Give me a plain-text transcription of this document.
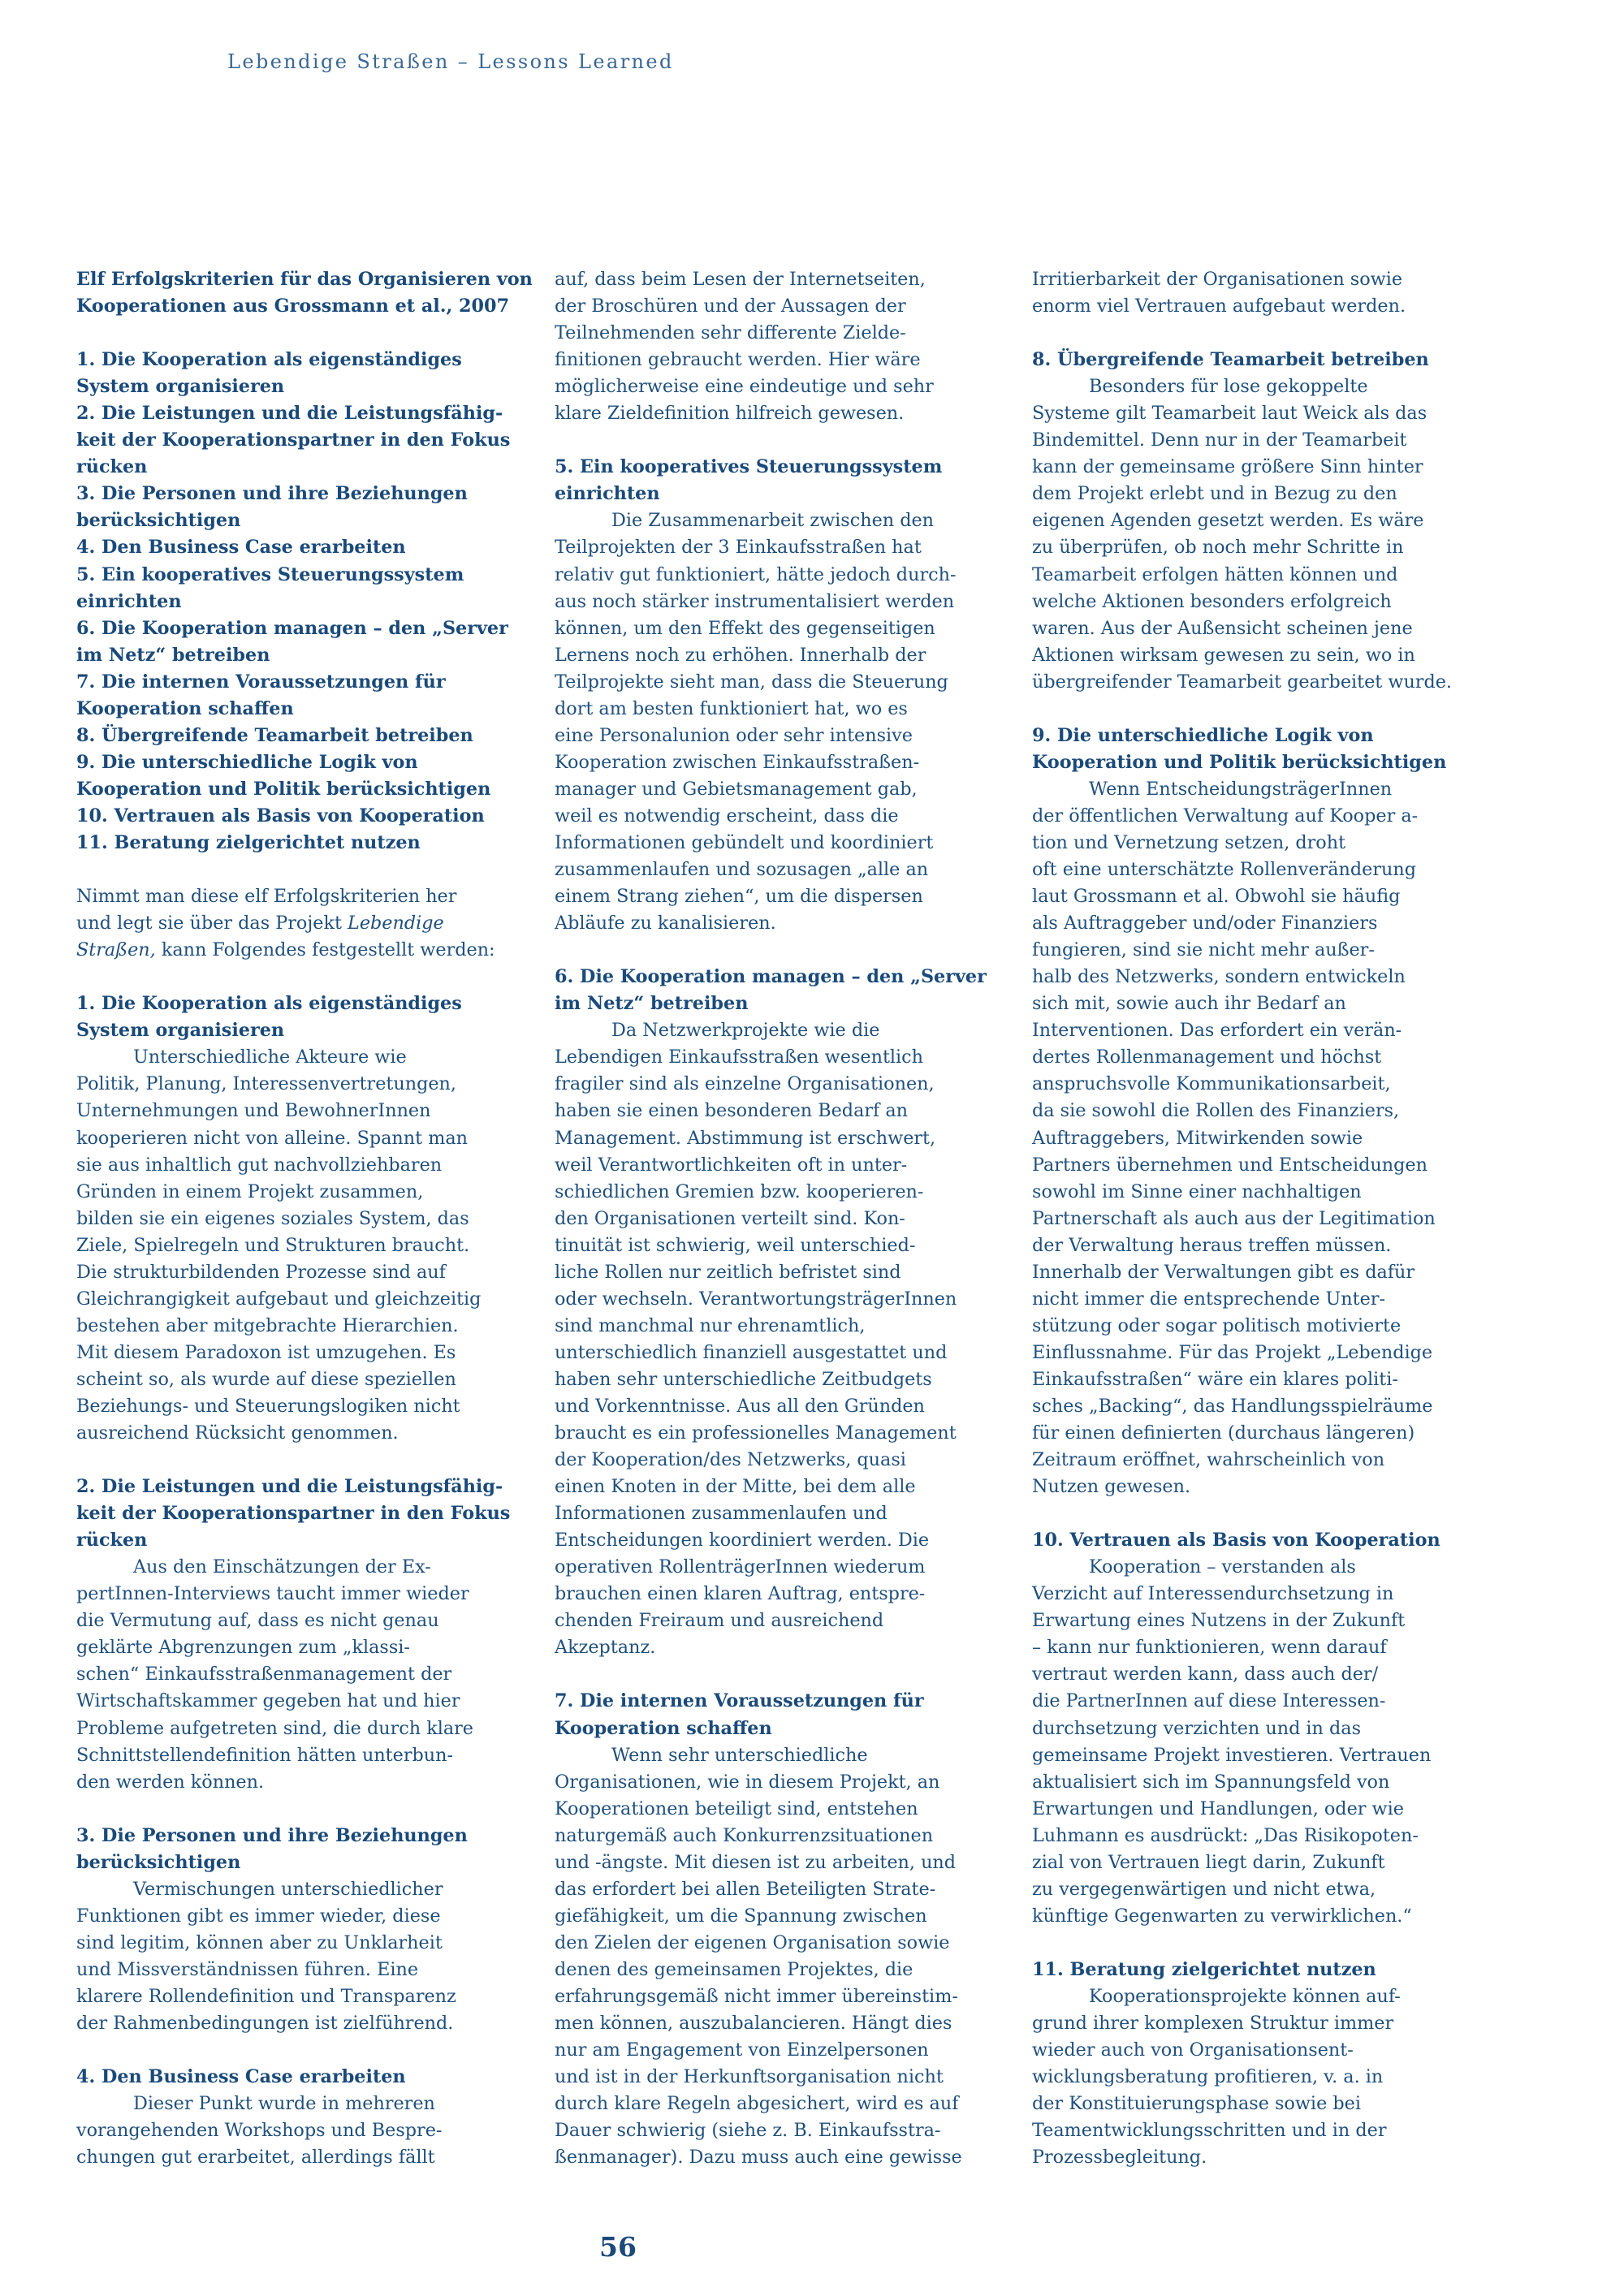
Lebendige Straßen – Lessons Learned
Elf Erfolgskriterien für das Organisieren von
Kooperationen aus Grossmann et al., 2007
1. Die Kooperation als eigenständiges
System organisieren
2. Die Leistungen und die Leistungsfähig-
keit der Kooperationspartner in den Fokus
rücken
3. Die Personen und ihre Beziehungen
berücksichtigen
4. Den Business Case erarbeiten
5. Ein kooperatives Steuerungssystem
einrichten
6. Die Kooperation managen – den „Server
im Netz“ betreiben
7. Die internen Voraussetzungen für
Kooperation schaffen
8. Übergreifende Teamarbeit betreiben
9. Die unterschiedliche Logik von
Kooperation und Politik berücksichtigen
10. Vertrauen als Basis von Kooperation
11. Beratung zielgerichtet nutzen
Nimmt man diese elf Erfolgskriterien her
und legt sie über das Projekt Lebendige
Straßen, kann Folgendes festgestellt werden:
1. Die Kooperation als eigenständiges
System organisieren
Unterschiedliche Akteure wie
Politik, Planung, Interessenvertretungen,
Unternehmungen und BewohnerInnen
kooperieren nicht von alleine. Spannt man
sie aus inhaltlich gut nachvollziehbaren
Gründen in einem Projekt zusammen,
bilden sie ein eigenes soziales System, das
Ziele, Spielregeln und Strukturen braucht.
Die strukturbildenden Prozesse sind auf
Gleichrangigkeit aufgebaut und gleichzeitig
bestehen aber mitgebrachte Hierarchien.
Mit diesem Paradoxon ist umzugehen. Es
scheint so, als wurde auf diese speziellen
Beziehungs- und Steuerungslogiken nicht
ausreichend Rücksicht genommen.
2. Die Leistungen und die Leistungsfähig-
keit der Kooperationspartner in den Fokus
rücken
Aus den Einschätzungen der Ex-
pertInnen-Interviews taucht immer wieder
die Vermutung auf, dass es nicht genau
geklärte Abgrenzungen zum „klassi-
schen“ Einkaufsstraßenmanagement der
Wirtschaftskammer gegeben hat und hier
Probleme aufgetreten sind, die durch klare
Schnittstellendefinition hätten unterbun-
den werden können.
3. Die Personen und ihre Beziehungen
berücksichtigen
Vermischungen unterschiedlicher
Funktionen gibt es immer wieder, diese
sind legitim, können aber zu Unklarheit
und Missverständnissen führen. Eine
klarere Rollendefinition und Transparenz
der Rahmenbedingungen ist zielführend.
4. Den Business Case erarbeiten
Dieser Punkt wurde in mehreren
vorangehenden Workshops und Bespre-
chungen gut erarbeitet, allerdings fällt
auf, dass beim Lesen der Internetseiten,
der Broschüren und der Aussagen der
Teilnehmenden sehr differente Zielde-
finitionen gebraucht werden. Hier wäre
möglicherweise eine eindeutige und sehr
klare Zieldefinition hilfreich gewesen.
5. Ein kooperatives Steuerungssystem
einrichten
Die Zusammenarbeit zwischen den
Teilprojekten der 3 Einkaufsstraßen hat
relativ gut funktioniert, hätte jedoch durch-
aus noch stärker instrumentalisiert werden
können, um den Effekt des gegenseitigen
Lernens noch zu erhöhen. Innerhalb der
Teilprojekte sieht man, dass die Steuerung
dort am besten funktioniert hat, wo es
eine Personalunion oder sehr intensive
Kooperation zwischen Einkaufsstraßen-
manager und Gebietsmanagement gab,
weil es notwendig erscheint, dass die
Informationen gebündelt und koordiniert
zusammenlaufen und sozusagen „alle an
einem Strang ziehen“, um die dispersen
Abläufe zu kanalisieren.
6. Die Kooperation managen – den „Server
im Netz“ betreiben
Da Netzwerkprojekte wie die
Lebendigen Einkaufsstraßen wesentlich
fragiler sind als einzelne Organisationen,
haben sie einen besonderen Bedarf an
Management. Abstimmung ist erschwert,
weil Verantwortlichkeiten oft in unter-
schiedlichen Gremien bzw. kooperieren-
den Organisationen verteilt sind. Kon-
tinuität ist schwierig, weil unterschied-
liche Rollen nur zeitlich befristet sind
oder wechseln. VerantwortungsträgerInnen
sind manchmal nur ehrenamtlich,
unterschiedlich finanziell ausgestattet und
haben sehr unterschiedliche Zeitbudgets
und Vorkenntnisse. Aus all den Gründen
braucht es ein professionelles Management
der Kooperation/des Netzwerks, quasi
einen Knoten in der Mitte, bei dem alle
Informationen zusammenlaufen und
Entscheidungen koordiniert werden. Die
operativen RollenträgerInnen wiederum
brauchen einen klaren Auftrag, entspre-
chenden Freiraum und ausreichend
Akzeptanz.
7. Die internen Voraussetzungen für
Kooperation schaffen
Wenn sehr unterschiedliche
Organisationen, wie in diesem Projekt, an
Kooperationen beteiligt sind, entstehen
naturgemäß auch Konkurrenzsituationen
und -ängste. Mit diesen ist zu arbeiten, und
das erfordert bei allen Beteiligten Strate-
giefähigkeit, um die Spannung zwischen
den Zielen der eigenen Organisation sowie
denen des gemeinsamen Projektes, die
erfahrungsgemäß nicht immer übereinstim-
men können, auszubalancieren. Hängt dies
nur am Engagement von Einzelpersonen
und ist in der Herkunftsorganisation nicht
durch klare Regeln abgesichert, wird es auf
Dauer schwierig (siehe z. B. Einkaufsstra-
ßenmanager). Dazu muss auch eine gewisse
Irritierbarkeit der Organisationen sowie
enorm viel Vertrauen aufgebaut werden.
8. Übergreifende Teamarbeit betreiben
Besonders für lose gekoppelte
Systeme gilt Teamarbeit laut Weick als das
Bindemittel. Denn nur in der Teamarbeit
kann der gemeinsame größere Sinn hinter
dem Projekt erlebt und in Bezug zu den
eigenen Agenden gesetzt werden. Es wäre
zu überprüfen, ob noch mehr Schritte in
Teamarbeit erfolgen hätten können und
welche Aktionen besonders erfolgreich
waren. Aus der Außensicht scheinen jene
Aktionen wirksam gewesen zu sein, wo in
übergreifender Teamarbeit gearbeitet wurde.
9. Die unterschiedliche Logik von
Kooperation und Politik berücksichtigen
Wenn EntscheidungsträgerInnen
der öffentlichen Verwaltung auf Kooper a-
tion und Vernetzung setzen, droht
oft eine unterschätzte Rollenveränderung
laut Grossmann et al. Obwohl sie häufig
als Auftraggeber und/oder Finanziers
fungieren, sind sie nicht mehr außer-
halb des Netzwerks, sondern entwickeln
sich mit, sowie auch ihr Bedarf an
Interventionen. Das erfordert ein verän-
dertes Rollenmanagement und höchst
anspruchsvolle Kommunikationsarbeit,
da sie sowohl die Rollen des Finanziers,
Auftraggebers, Mitwirkenden sowie
Partners übernehmen und Entscheidungen
sowohl im Sinne einer nachhaltigen
Partnerschaft als auch aus der Legitimation
der Verwaltung heraus treffen müssen.
Innerhalb der Verwaltungen gibt es dafür
nicht immer die entsprechende Unter-
stützung oder sogar politisch motivierte
Einflussnahme. Für das Projekt „Lebendige
Einkaufsstraßen“ wäre ein klares politi-
sches „Backing“, das Handlungsspielräume
für einen definierten (durchaus längeren)
Zeitraum eröffnet, wahrscheinlich von
Nutzen gewesen.
10. Vertrauen als Basis von Kooperation
Kooperation – verstanden als
Verzicht auf Interessendurchsetzung in
Erwartung eines Nutzens in der Zukunft
– kann nur funktionieren, wenn darauf
vertraut werden kann, dass auch der/
die PartnerInnen auf diese Interessen-
durchsetzung verzichten und in das
gemeinsame Projekt investieren. Vertrauen
aktualisiert sich im Spannungsfeld von
Erwartungen und Handlungen, oder wie
Luhmann es ausdrückt: „Das Risikopoten-
zial von Vertrauen liegt darin, Zukunft
zu vergegenwärtigen und nicht etwa,
künftige Gegenwarten zu verwirklichen.“
11. Beratung zielgerichtet nutzen
Kooperationsprojekte können auf-
grund ihrer komplexen Struktur immer
wieder auch von Organisationsent-
wicklungsberatung profitieren, v. a. in
der Konstituierungsphase sowie bei
Teamentwicklungsschritten und in der
Prozessbegleitung.
56
